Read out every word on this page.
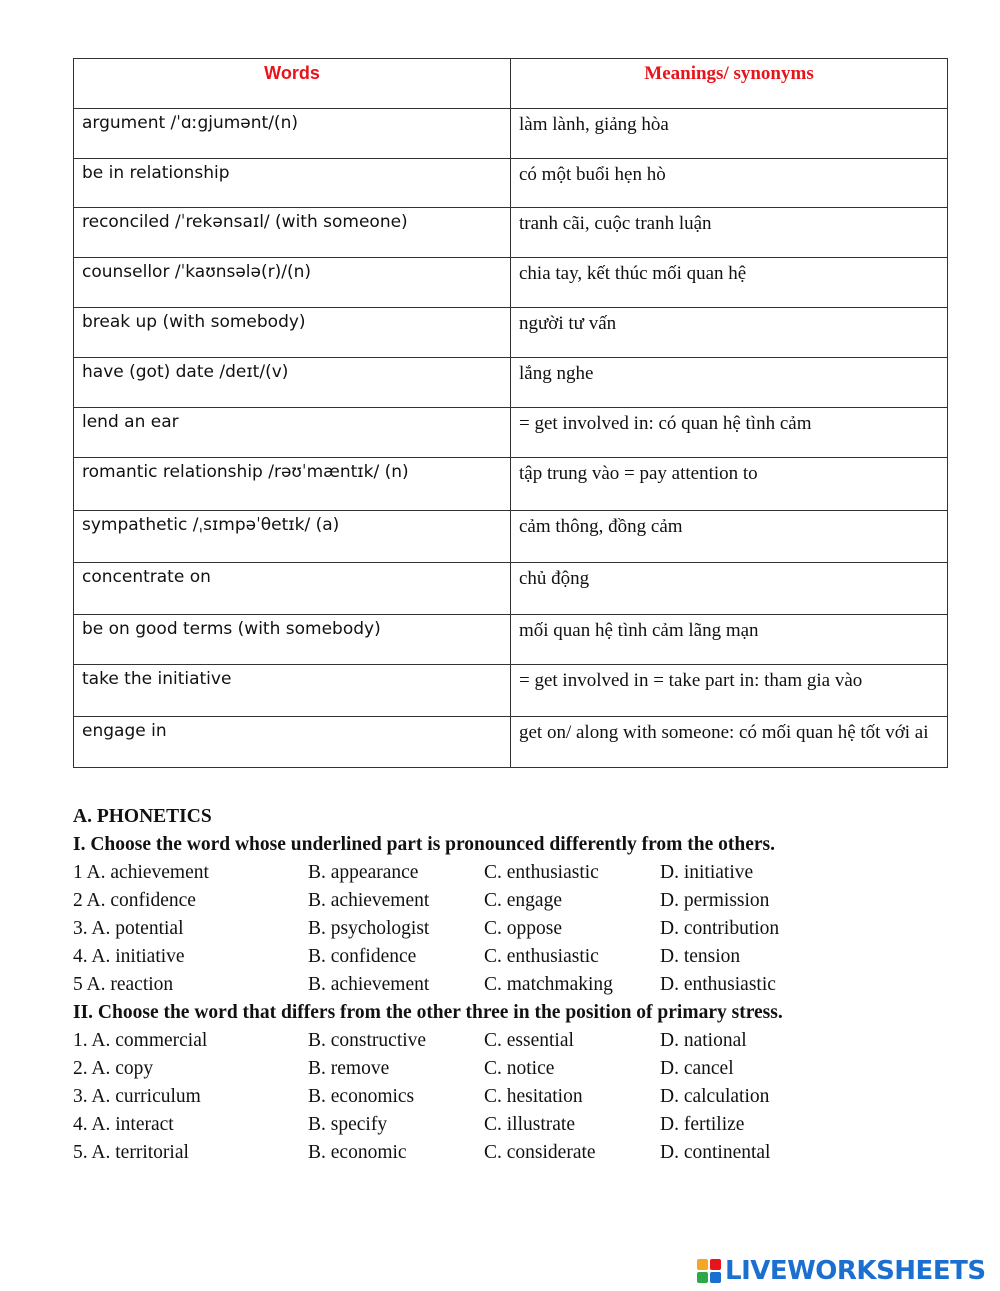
Words	Meanings/ synonyms
argument /ˈɑːgjumənt/(n)	làm lành, giảng hòa
be in relationship	có một buổi hẹn hò
reconciled /ˈrekənsaɪl/ (with someone)	tranh cãi, cuộc tranh luận
counsellor /ˈkaʊnsələ(r)/(n)	chia tay, kết thúc mối quan hệ
break up (with somebody)	người tư vấn
have (got) date /deɪt/(v)	lắng nghe
lend an ear	= get involved in: có quan hệ tình cảm
romantic relationship /rəʊˈmæntɪk/ (n)	tập trung vào = pay attention to
sympathetic /ˌsɪmpəˈθetɪk/ (a)	cảm thông, đồng cảm
concentrate on	chủ động
be on good terms (with somebody)	mối quan hệ tình cảm lãng mạn
take the initiative	= get involved in = take part in: tham gia vào
engage in	get on/ along with someone: có mối quan hệ tốt với ai
A. PHONETICS
I. Choose the word whose underlined part is pronounced differently from the others.
1 A. achievement	B. appearance	C. enthusiastic	D. initiative
2 A. confidence	B. achievement	C. engage	D. permission
3. A. potential	B. psychologist	C. oppose	D. contribution
4. A. initiative	B. confidence	C. enthusiastic	D. tension
5 A. reaction	B. achievement	C. matchmaking D. enthusiastic
II. Choose the word that differs from the other three in the position of primary stress.
1. A. commercial	B. constructive	C. essential	D. national
2. A. copy	B. remove	C. notice	D. cancel
3. A. curriculum	B. economics	C. hesitation	D. calculation
4. A. interact	B. specify	C. illustrate	D. fertilize
5. A. territorial	B. economic	C. considerate	D. continental
LIVEWORKSHEETS
